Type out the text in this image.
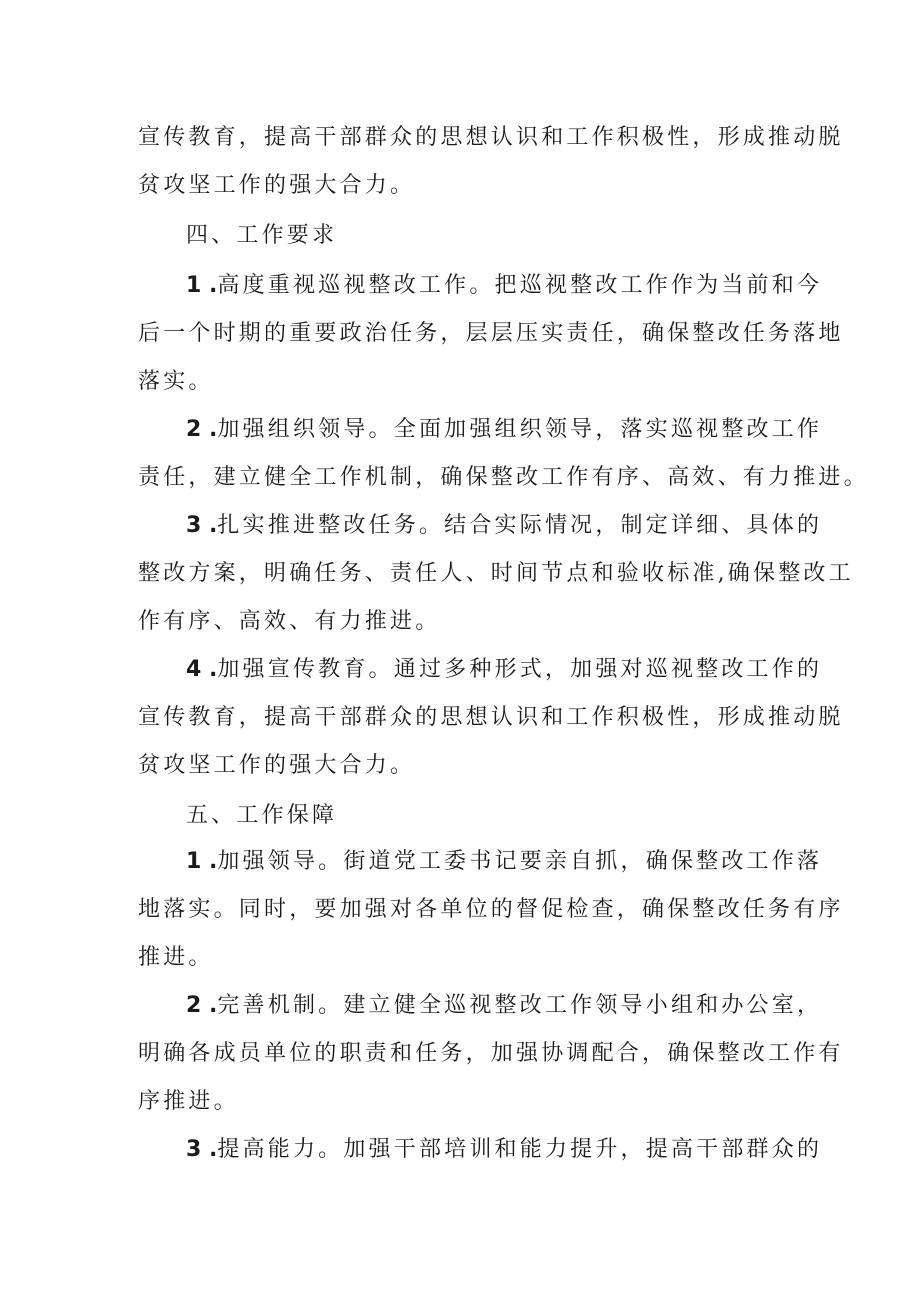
宣传教育，提高干部群众的思想认识和工作积极性，形成推动脱
贫攻坚工作的强大合力。
四、工作要求
1 .高度重视巡视整改工作。把巡视整改工作作为当前和今
后一个时期的重要政治任务，层层压实责任，确保整改任务落地
落实。
2 .加强组织领导。全面加强组织领导，落实巡视整改工作
责任，建立健全工作机制，确保整改工作有序、高效、有力推进。
3 .扎实推进整改任务。结合实际情况，制定详细、具体的
整改方案，明确任务、责任人、时间节点和验收标准,确保整改工
作有序、高效、有力推进。
4 .加强宣传教育。通过多种形式，加强对巡视整改工作的
宣传教育，提高干部群众的思想认识和工作积极性，形成推动脱
贫攻坚工作的强大合力。
五、工作保障
1 .加强领导。街道党工委书记要亲自抓，确保整改工作落
地落实。同时，要加强对各单位的督促检查，确保整改任务有序
推进。
2 .完善机制。建立健全巡视整改工作领导小组和办公室，
明确各成员单位的职责和任务，加强协调配合，确保整改工作有
序推进。
3 .提高能力。加强干部培训和能力提升，提高干部群众的
